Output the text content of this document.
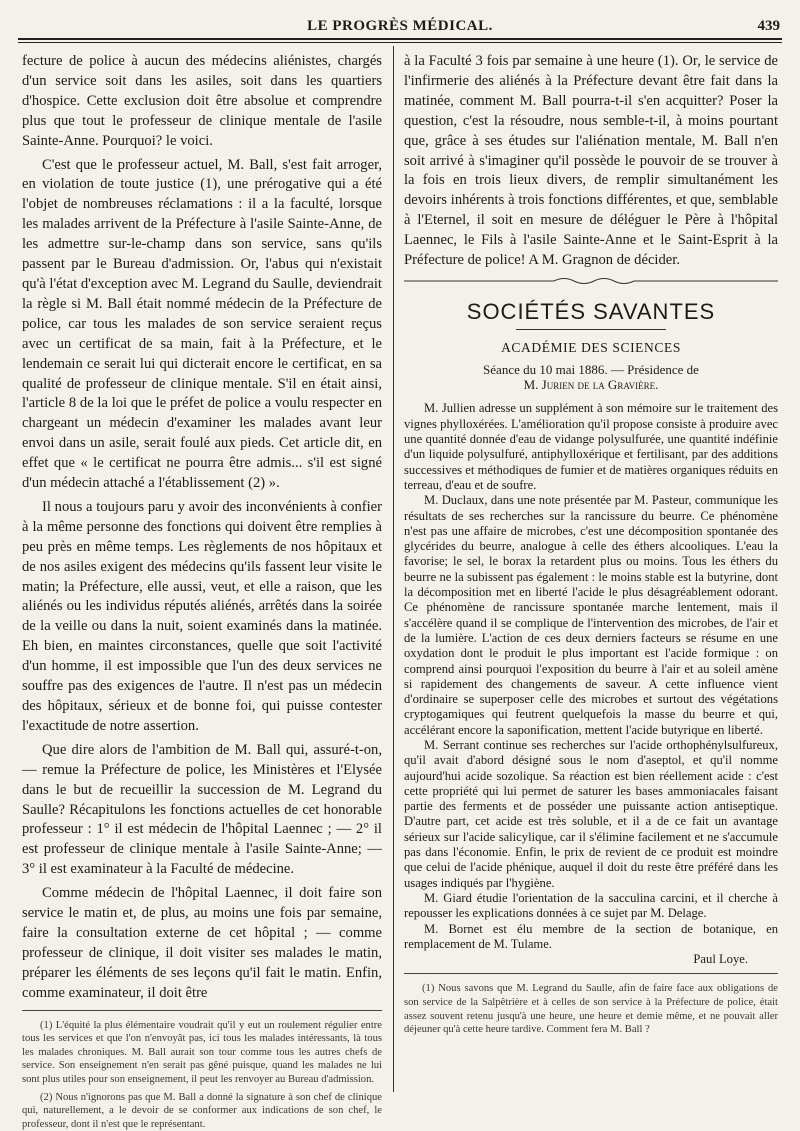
LE PROGRÈS MÉDICAL.	439

fecture de police à aucun des médecins aliénistes, chargés d'un service soit dans les asiles, soit dans les quartiers d'hospice. Cette exclusion doit être absolue et comprendre plus que tout le professeur de clinique mentale de l'asile Sainte-Anne. Pourquoi? le voici.

C'est que le professeur actuel, M. Ball, s'est fait arroger, en violation de toute justice (1), une prérogative qui a été l'objet de nombreuses réclamations : il a la faculté, lorsque les malades arrivent de la Préfecture à l'asile Sainte-Anne, de les admettre sur-le-champ dans son service, sans qu'ils passent par le Bureau d'admission. Or, l'abus qui n'existait qu'à l'état d'exception avec M. Legrand du Saulle, deviendrait la règle si M. Ball était nommé médecin de la Préfecture de police, car tous les malades de son service seraient reçus avec un certificat de sa main, fait à la Préfecture, et le lendemain ce serait lui qui dicterait encore le certificat, en sa qualité de professeur de clinique mentale. S'il en était ainsi, l'article 8 de la loi que le préfet de police a voulu respecter en chargeant un médecin d'examiner les malades avant leur envoi dans un asile, serait foulé aux pieds. Cet article dit, en effet que « le certificat ne pourra être admis... s'il est signé d'un médecin attaché a l'établissement (2) ».

Il nous a toujours paru y avoir des inconvénients à confier à la même personne des fonctions qui doivent être remplies à peu près en même temps. Les règlements de nos hôpitaux et de nos asiles exigent des médecins qu'ils fassent leur visite le matin; la Préfecture, elle aussi, veut, et elle a raison, que les aliénés ou les individus réputés aliénés, arrêtés dans la soirée de la veille ou dans la nuit, soient examinés dans la matinée. Eh bien, en maintes circonstances, quelle que soit l'activité d'un homme, il est impossible que l'un des deux services ne souffre pas des exigences de l'autre. Il n'est pas un médecin des hôpitaux, sérieux et de bonne foi, qui puisse contester l'exactitude de notre assertion.

Que dire alors de l'ambition de M. Ball qui, assuré-t-on, — remue la Préfecture de police, les Ministères et l'Elysée dans le but de recueillir la succession de M. Legrand du Saulle? Récapitulons les fonctions actuelles de cet honorable professeur : 1° il est médecin de l'hôpital Laennec ; — 2° il est professeur de clinique mentale à l'asile Sainte-Anne; — 3° il est examinateur à la Faculté de médecine.

Comme médecin de l'hôpital Laennec, il doit faire son service le matin et, de plus, au moins une fois par semaine, faire la consultation externe de cet hôpital ; — comme professeur de clinique, il doit visiter ses malades le matin, préparer les éléments de ses leçons qu'il fait le matin. Enfin, comme examinateur, il doit être

(1) L'équité la plus élémentaire voudrait qu'il y eut un roulement régulier entre tous les services et que l'on n'envoyât pas, ici tous les malades intéressants, là tous les malades chroniques. M. Ball aurait son tour comme tous les autres chefs de service. Son enseignement n'en serait pas gêné puisque, quand les malades ne lui sont plus utiles pour son enseignement, il peut les renvoyer au Bureau d'admission.

(2) Nous n'ignorons pas que M. Ball a donné la signature à son chef de clinique qui, naturellement, a le devoir de se conformer aux indications de son chef, le professeur, dont il n'est que le représentant.

à la Faculté 3 fois par semaine à une heure (1). Or, le service de l'infirmerie des aliénés à la Préfecture devant être fait dans la matinée, comment M. Ball pourra-t-il s'en acquitter? Poser la question, c'est la résoudre, nous semble-t-il, à moins pourtant que, grâce à ses études sur l'aliénation mentale, M. Ball n'en soit arrivé à s'imaginer qu'il possède le pouvoir de se trouver à la fois en trois lieux divers, de remplir simultanément les devoirs inhérents à trois fonctions différentes, et que, semblable à l'Eternel, il soit en mesure de déléguer le Père à l'hôpital Laennec, le Fils à l'asile Sainte-Anne et le Saint-Esprit à la Préfecture de police! A M. Gragnon de décider.

SOCIÉTÉS SAVANTES
ACADÉMIE DES SCIENCES
Séance du 10 mai 1886. — Présidence de
M. Jurien de la Gravière.

M. Jullien adresse un supplément à son mémoire sur le traitement des vignes phylloxérées. L'amélioration qu'il propose consiste à produire avec une quantité donnée d'eau de vidange polysulfurée, une quantité indéfinie d'un liquide polysulfuré, antiphylloxérique et fertilisant, par des additions successives et méthodiques de fumier et de matières organiques réduits en terreau, d'eau et de soufre.

M. Duclaux, dans une note présentée par M. Pasteur, communique les résultats de ses recherches sur la rancissure du beurre. Ce phénomène n'est pas une affaire de microbes, c'est une décomposition spontanée des glycérides du beurre, analogue à celle des éthers alcooliques. L'eau la favorise; le sel, le borax la retardent plus ou moins. Tous les éthers du beurre ne la subissent pas également : le moins stable est la butyrine, dont la décomposition met en liberté l'acide le plus désagréablement odorant. Ce phénomène de rancissure spontanée marche lentement, mais il s'accélère quand il se complique de l'intervention des microbes, de l'air et de la lumière. L'action de ces deux derniers facteurs se résume en une oxydation dont le produit le plus important est l'acide formique : on comprend ainsi pourquoi l'exposition du beurre à l'air et au soleil amène si rapidement des changements de saveur. A cette influence vient d'ordinaire se superposer celle des microbes et surtout des végétations cryptogamiques qui feutrent quelquefois la masse du beurre et qui, accélérant encore la saponification, mettent l'acide butyrique en liberté.

M. Serrant continue ses recherches sur l'acide orthophénylsulfureux, qu'il avait d'abord désigné sous le nom d'aseptol, et qu'il nomme aujourd'hui acide sozolique. Sa réaction est bien réellement acide : c'est cette propriété qui lui permet de saturer les bases ammoniacales faisant partie des ferments et de posséder une puissante action antiseptique. D'autre part, cet acide est très soluble, et il a de ce fait un avantage sérieux sur l'acide salicylique, car il s'élimine facilement et ne s'accumule pas dans l'économie. Enfin, le prix de revient de ce produit est moindre que celui de l'acide phénique, auquel il doit du reste être préféré dans les usages indiqués par l'hygiène.

M. Giard étudie l'orientation de la sacculina carcini, et il cherche à repousser les explications données à ce sujet par M. Delage.

M. Bornet est élu membre de la section de botanique, en remplacement de M. Tulame.

Paul Loye.

(1) Nous savons que M. Legrand du Saulle, afin de faire face aux obligations de son service de la Salpêtrière et à celles de son service à la Préfecture de police, était assez souvent retenu jusqu'à une heure, une heure et demie même, et ne pouvait aller déjeuner qu'à cette heure tardive. Comment fera M. Ball ?
